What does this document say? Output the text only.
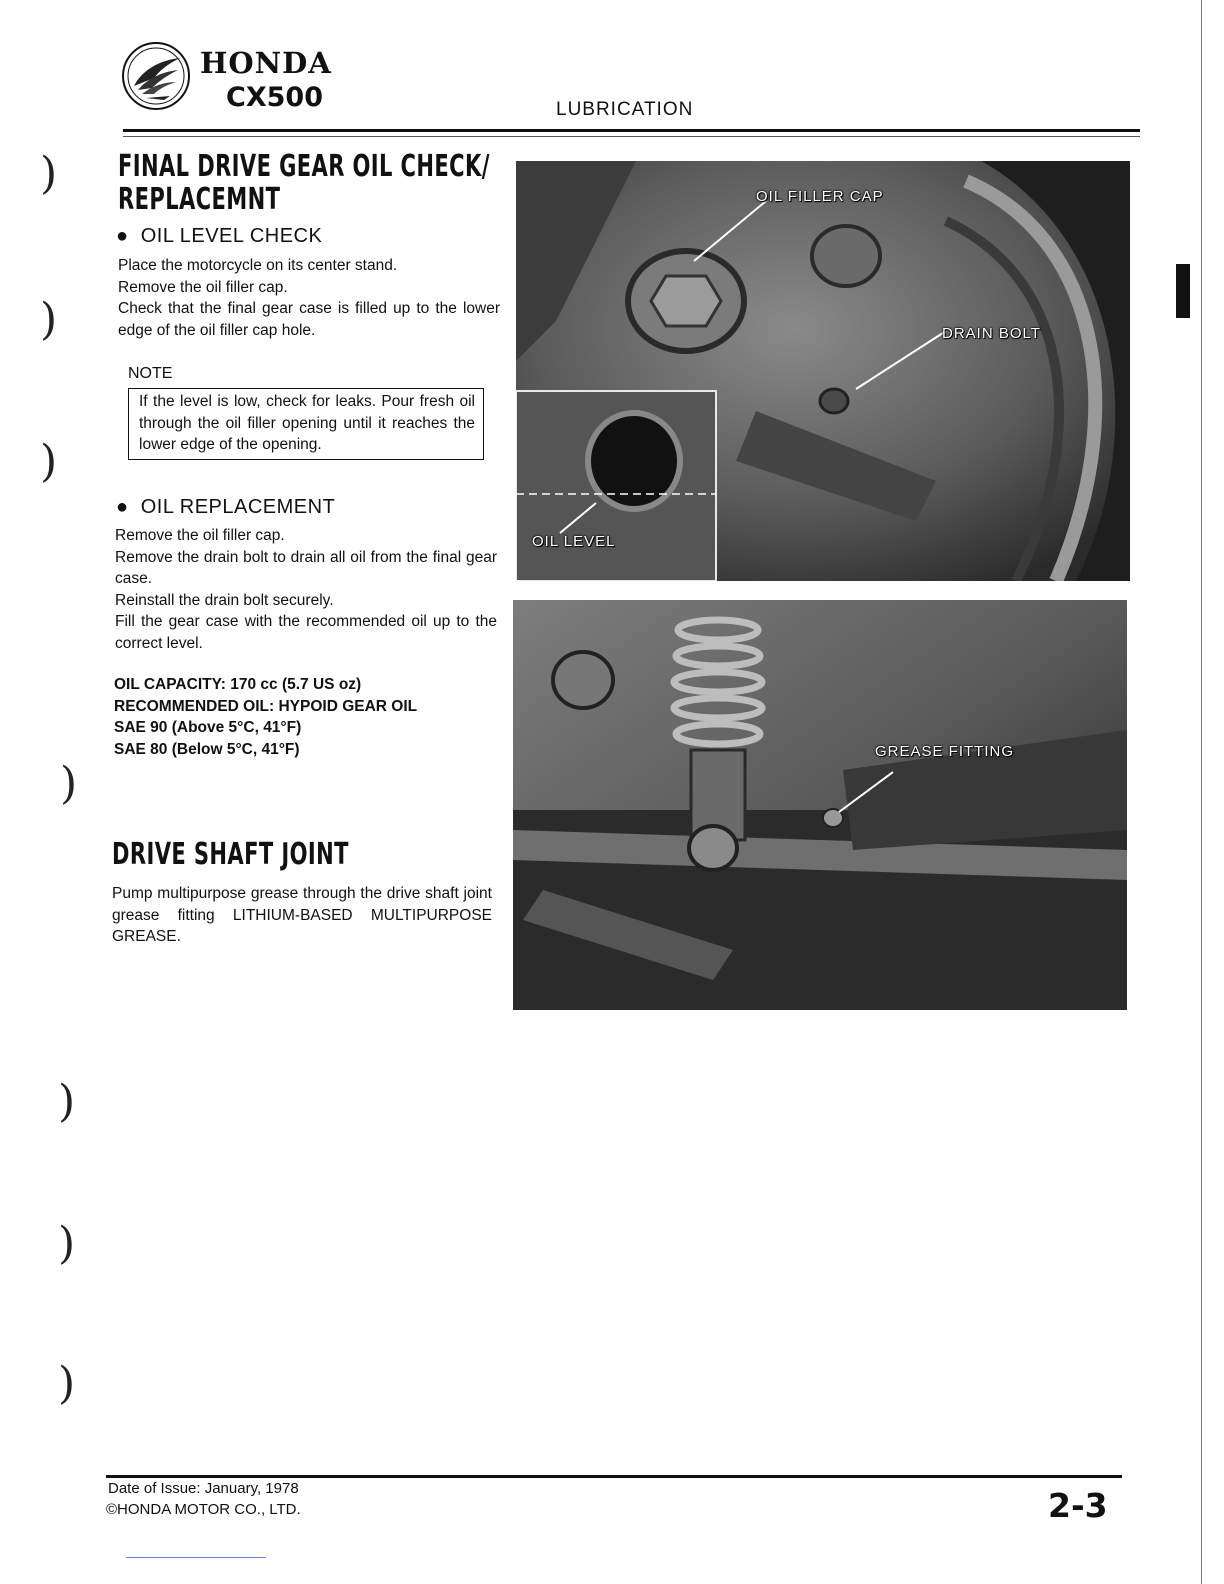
)
)
)
)
)
)
)
HONDA
CX500	LUBRICATION
FINAL DRIVE GEAR OIL CHECK/
REPLACEMNT
●  OIL LEVEL CHECK

Place the motorcycle on its center stand.

Remove the oil filler cap.

Check that the final gear case is filled up to the lower edge of the oil filler cap hole.

NOTE
If the level is low, check for leaks. Pour fresh oil through the oil filler opening until it reaches the lower edge of the opening.
●  OIL REPLACEMENT

Remove the oil filler cap.

Remove the drain bolt to drain all oil from the final gear case.

Reinstall the drain bolt securely.

Fill the gear case with the recommended oil up to the correct level.

OIL CAPACITY: 170 cc (5.7 US oz)
RECOMMENDED OIL: HYPOID GEAR OIL
SAE 90 (Above 5°C, 41°F)
SAE 80 (Below 5°C, 41°F)
DRIVE SHAFT JOINT
Pump multipurpose grease through the drive shaft joint grease fitting LITHIUM-BASED MULTIPURPOSE GREASE.
OIL FILLER CAP
DRAIN BOLT
OIL LEVEL
GREASE FITTING
Date of Issue: January, 1978
©HONDA MOTOR CO., LTD.	2-3
